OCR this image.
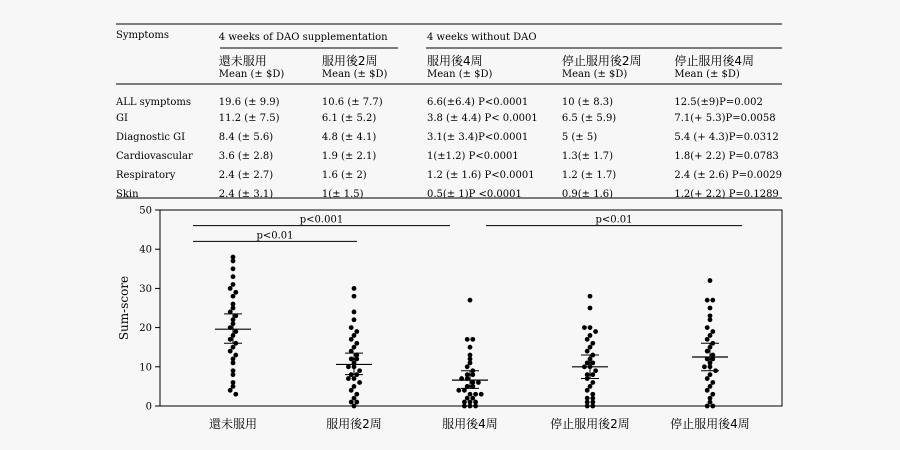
Sum-score
0
10
20
30
40
50
p<0.001
p<0.01
p<0.01
還未服用	服用後2周	服用後4周	停止服用後2周	停止服用後4周
Symptoms	4 weeks of DAO supplementation		4 weeks without DAO		
	還未服用	服用後2周	服用後4周	停止服用後2周	停止服用後4周
	Mean (± $D)	Mean (± $D)	Mean (± $D)	Mean (± $D)	Mean (± $D)
ALL symptoms	19.6 (± 9.9)	10.6 (± 7.7)	6.6(±6.4) P<0.0001	10 (± 8.3)	12.5(±9)P=0.002
GI	11.2 (± 7.5)	6.1 (± 5.2)	3.8 (± 4.4) P< 0.0001	6.5 (± 5.9)	7.1(+ 5.3)P=0.0058
Diagnostic GI	8.4 (± 5.6)	4.8 (± 4.1)	3.1(± 3.4)P<0.0001	5 (± 5)	5.4 (+ 4.3)P=0.0312
Cardiovascular	3.6 (± 2.8)	1.9 (± 2.1)	1(±1.2) P<0.0001	1.3(± 1.7)	1.8(+ 2.2) P=0.0783
Respiratory	2.4 (± 2.7)	1.6 (± 2)	1.2 (± 1.6) P<0.0001	1.2 (± 1.7)	2.4 (± 2.6) P=0.0029
Skin	2.4 (± 3.1)	1(± 1.5)	0.5(± 1)P <0.0001	0.9(± 1.6)	1.2(+ 2.2) P=0.1289
